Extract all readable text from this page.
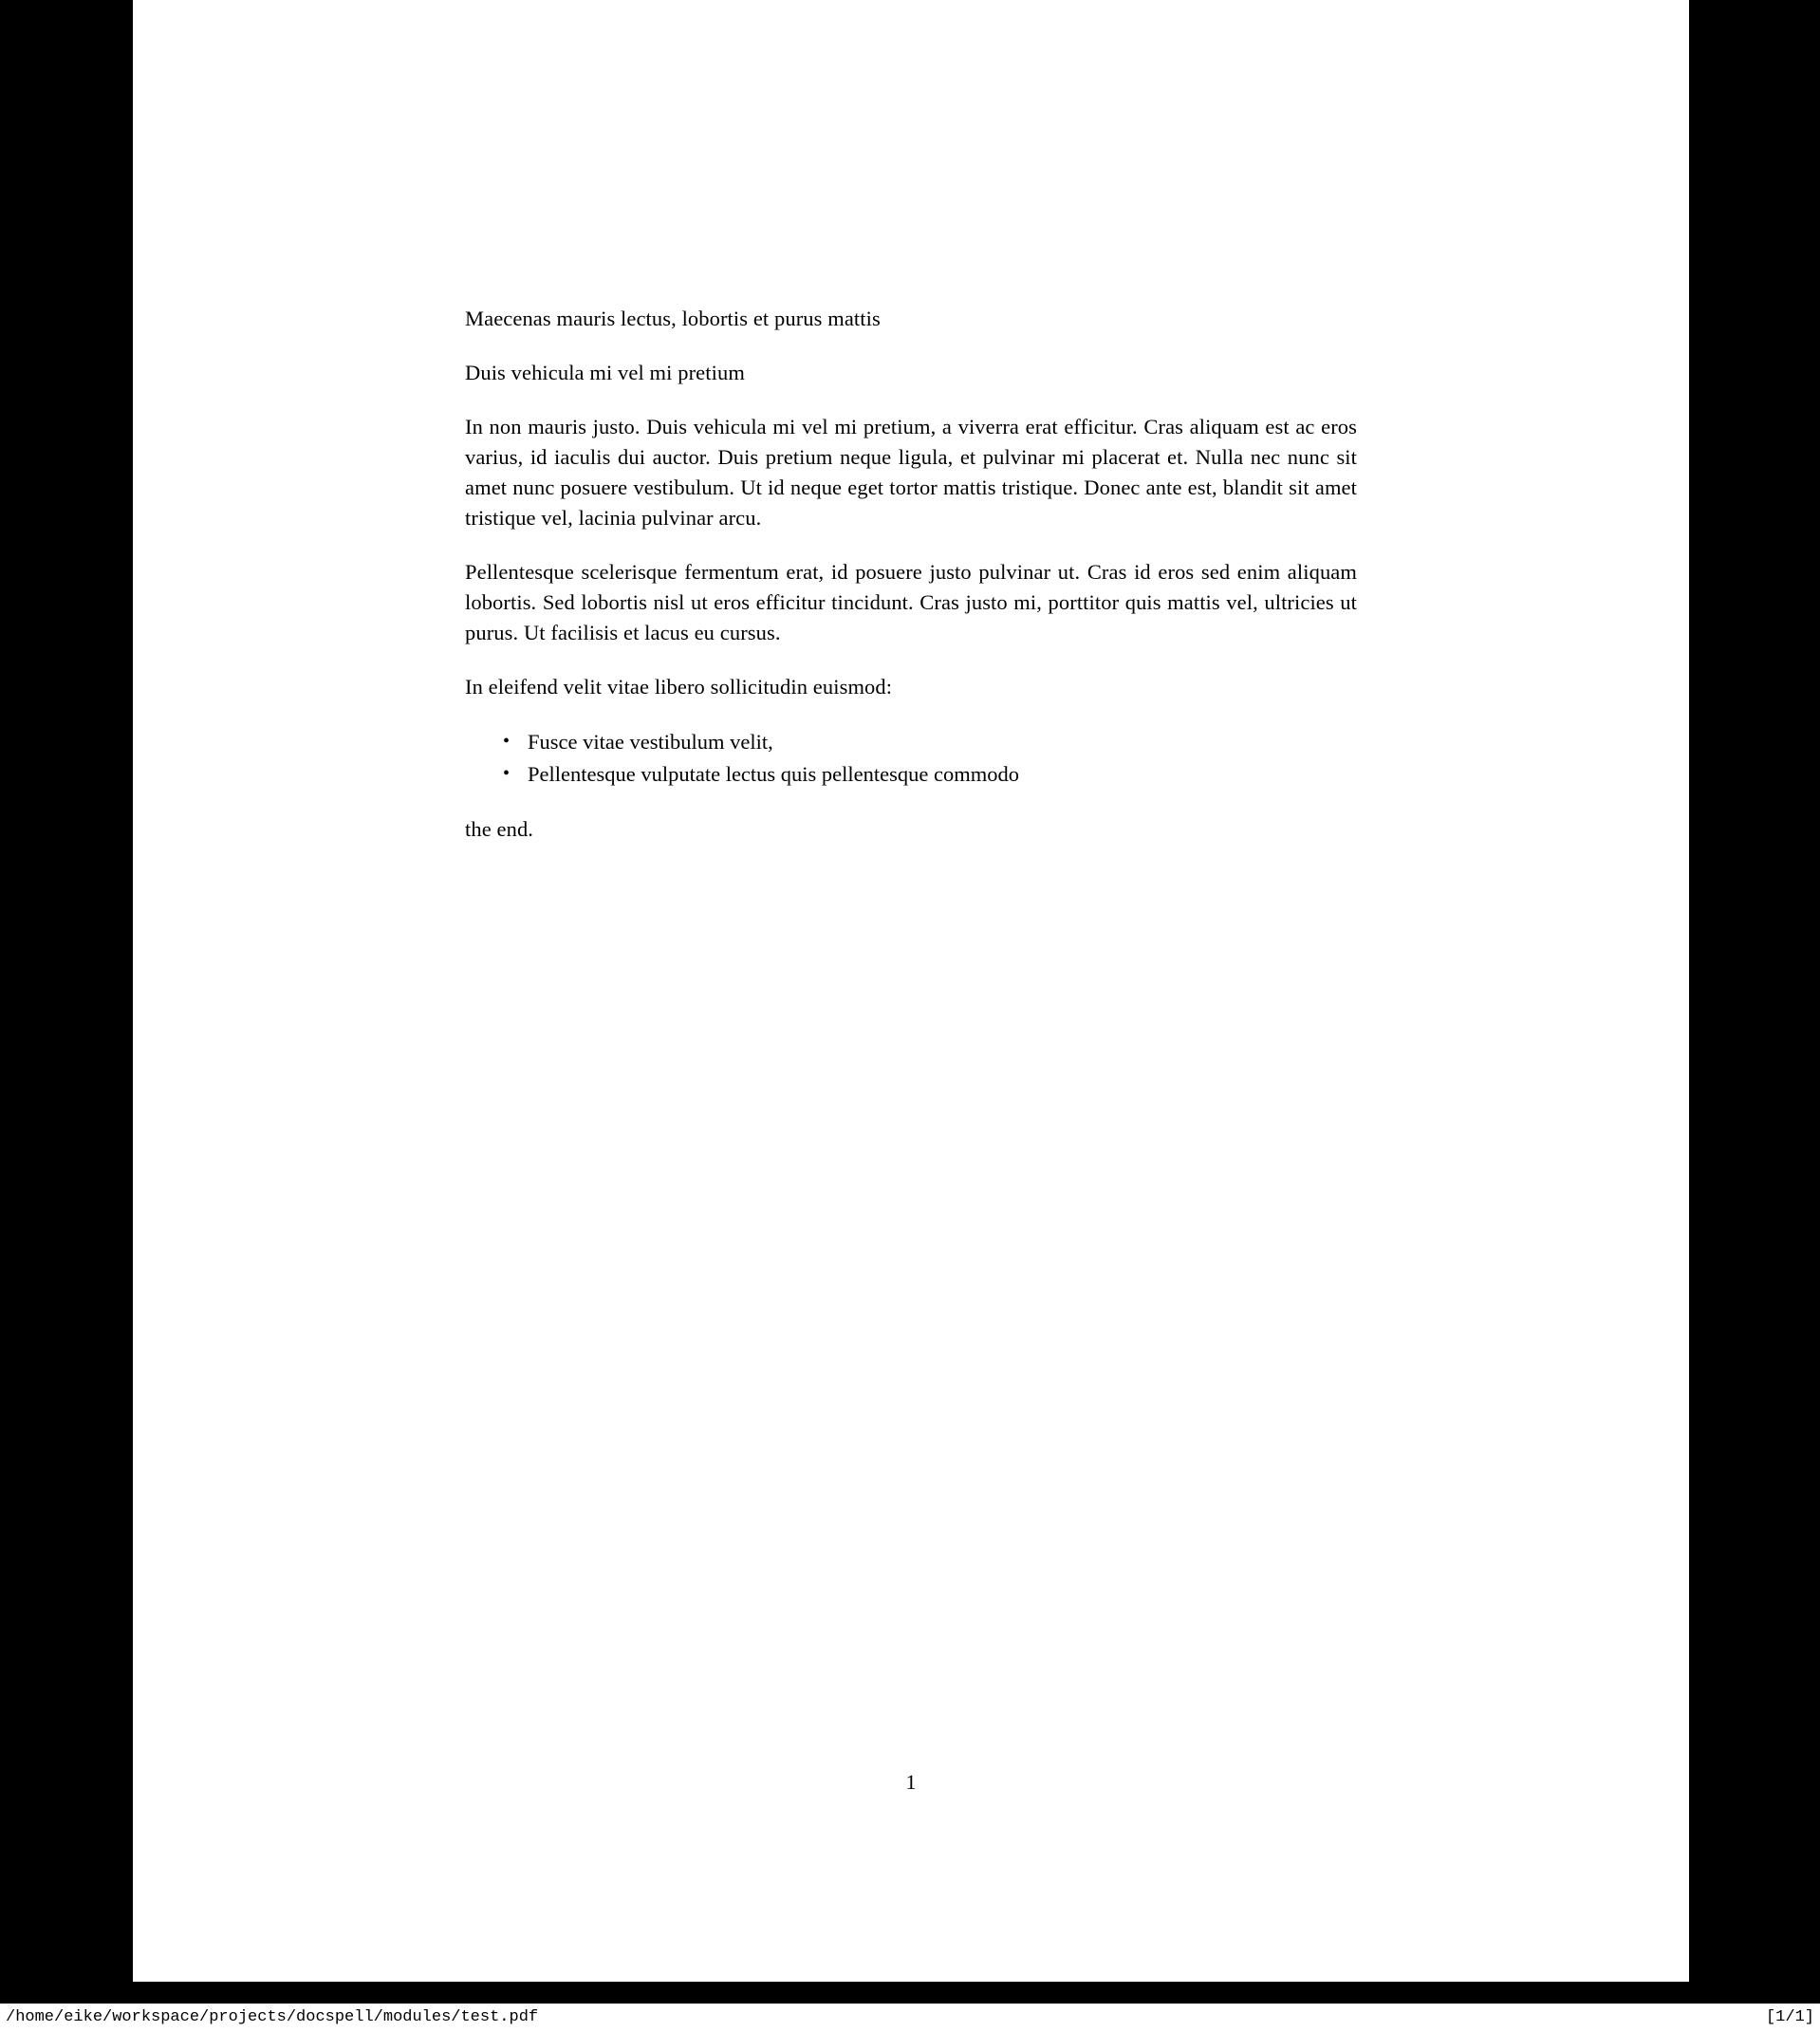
Maecenas mauris lectus, lobortis et purus mattis

Duis vehicula mi vel mi pretium

In non mauris justo. Duis vehicula mi vel mi pretium, a viverra erat efficitur. Cras aliquam est ac eros varius, id iaculis dui auctor. Duis pretium neque ligula, et pulvinar mi placerat et. Nulla nec nunc sit amet nunc posuere vestibulum. Ut id neque eget tortor mattis tristique. Donec ante est, blandit sit amet tristique vel, lacinia pulvinar arcu.

Pellentesque scelerisque fermentum erat, id posuere justo pulvinar ut. Cras id eros sed enim aliquam lobortis. Sed lobortis nisl ut eros efficitur tincidunt. Cras justo mi, porttitor quis mattis vel, ultricies ut purus. Ut facilisis et lacus eu cursus.

In eleifend velit vitae libero sollicitudin euismod:

• Fusce vitae vestibulum velit,
• Pellentesque vulputate lectus quis pellentesque commodo

the end.

1
/home/eike/workspace/projects/docspell/modules/test.pdf	[1/1]
